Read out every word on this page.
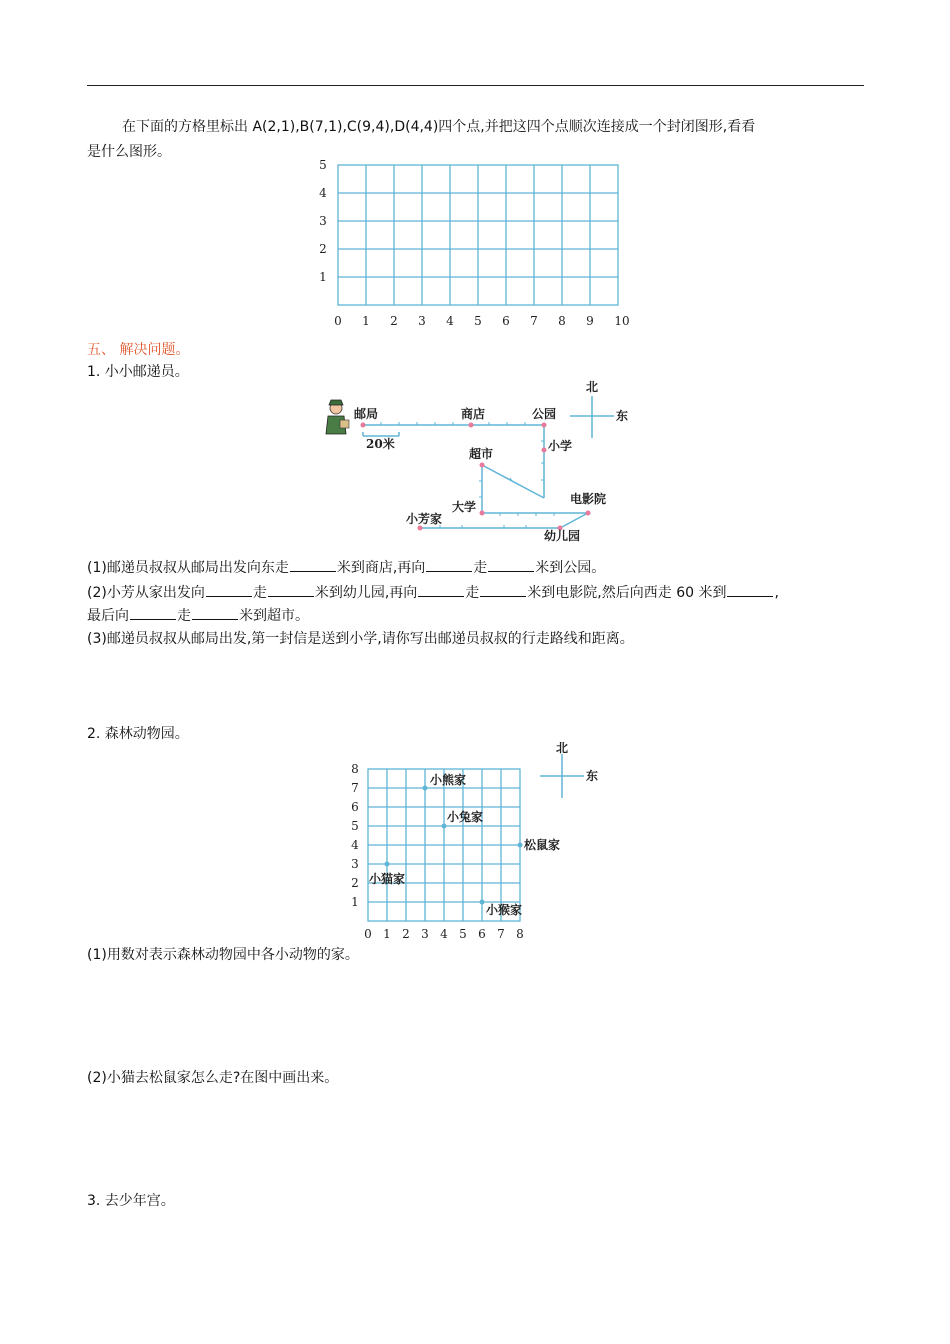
在下面的方格里标出 A(2,1),B(7,1),C(9,4),D(4,4)四个点,并把这四个点顺次连接成一个封闭图形,看看
是什么图形。
5
4
3
2
1
0 1 2 3 4 5 6 7 8 9 10
五、 解决问题。
1. 小小邮递员。
北
东
邮局	商店	公园
小学
超市
大学
电影院
小芳家
幼儿园
20米
(1)邮递员叔叔从邮局出发向东走	米到商店,再向	走	米到公园。
(2)小芳从家出发向	走	米到幼儿园,再向	走	米到电影院,然后向西走 60 米到	,
最后向	走	米到超市。
(3)邮递员叔叔从邮局出发,第一封信是送到小学,请你写出邮递员叔叔的行走路线和距离。
2. 森林动物园。
北
东
小熊家
小兔家
松鼠家
小猫家
小猴家
8
7
6
5
4
3
2
1
0 1 2 3 4 5 6 7 8
(1)用数对表示森林动物园中各小动物的家。
(2)小猫去松鼠家怎么走?在图中画出来。
3. 去少年宫。
